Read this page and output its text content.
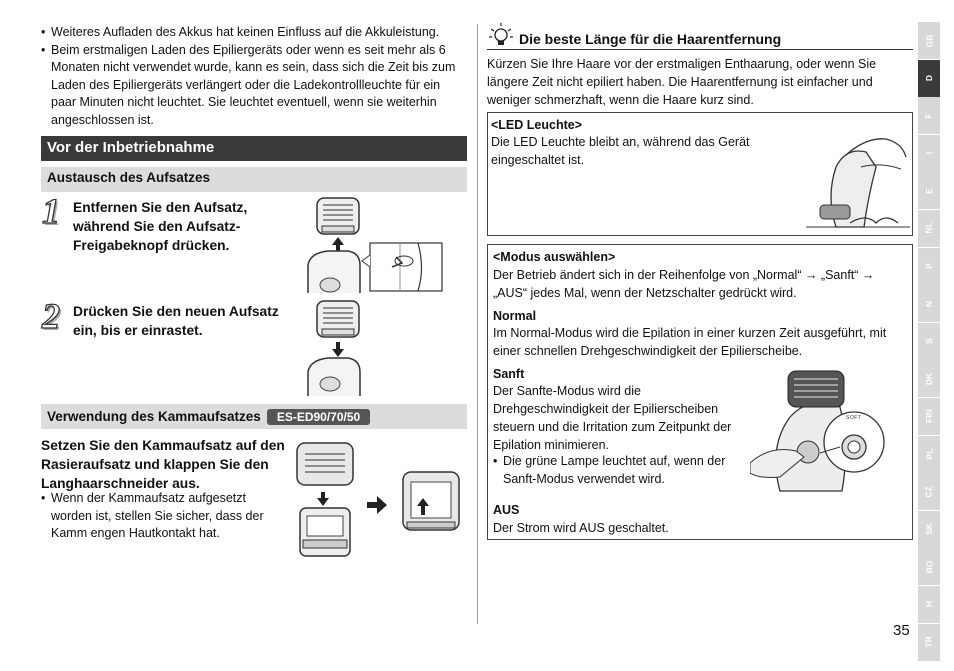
• Weiteres Aufladen des Akkus hat keinen Einfluss auf die Akkuleistung.
• Beim erstmaligen Laden des Epiliergeräts oder wenn es seit mehr als 6 Monaten nicht verwendet wurde, kann es sein, dass sich die Zeit bis zum Laden des Epiliergeräts verlängert oder die Ladekontrollleuchte für ein paar Minuten nicht leuchtet. Sie leuchtet eventuell, wenn sie weiterhin angeschlossen ist.
Vor der Inbetriebnahme
Austausch des Aufsatzes
1 Entfernen Sie den Aufsatz, während Sie den Aufsatz-Freigabeknopf drücken.
2 Drücken Sie den neuen Aufsatz ein, bis er einrastet.
Verwendung des Kammaufsatzes	ES-ED90/70/50
Setzen Sie den Kammaufsatz auf den Rasieraufsatz und klappen Sie den Langhaarschneider aus.
• Wenn der Kammaufsatz aufgesetzt worden ist, stellen Sie sicher, dass der Kamm engen Hautkontakt hat.
Die beste Länge für die Haarentfernung
Kürzen Sie Ihre Haare vor der erstmaligen Enthaarung, oder wenn Sie längere Zeit nicht epiliert haben. Die Haarentfernung ist einfacher und weniger schmerzhaft, wenn die Haare kurz sind.
<LED Leuchte>
Die LED Leuchte bleibt an, während das Gerät eingeschaltet ist.
<Modus auswählen>
Der Betrieb ändert sich in der Reihenfolge von „Normal“ → „Sanft“ → „AUS“ jedes Mal, wenn der Netzschalter gedrückt wird.
Normal
Im Normal-Modus wird die Epilation in einer kurzen Zeit ausgeführt, mit einer schnellen Drehgeschwindigkeit der Epilierscheibe.
Sanft
Der Sanfte-Modus wird die Drehgeschwindigkeit der Epilierscheiben steuern und die Irritation zum Zeitpunkt der Epilation minimieren.
• Die grüne Lampe leuchtet auf, wenn der Sanft-Modus verwendet wird.
AUS
Der Strom wird AUS geschaltet.
SOFT
GB
D
F
I
E
NL
P
N
S
DK
FIN
PL
CZ
SK
RO
H
TR
35
